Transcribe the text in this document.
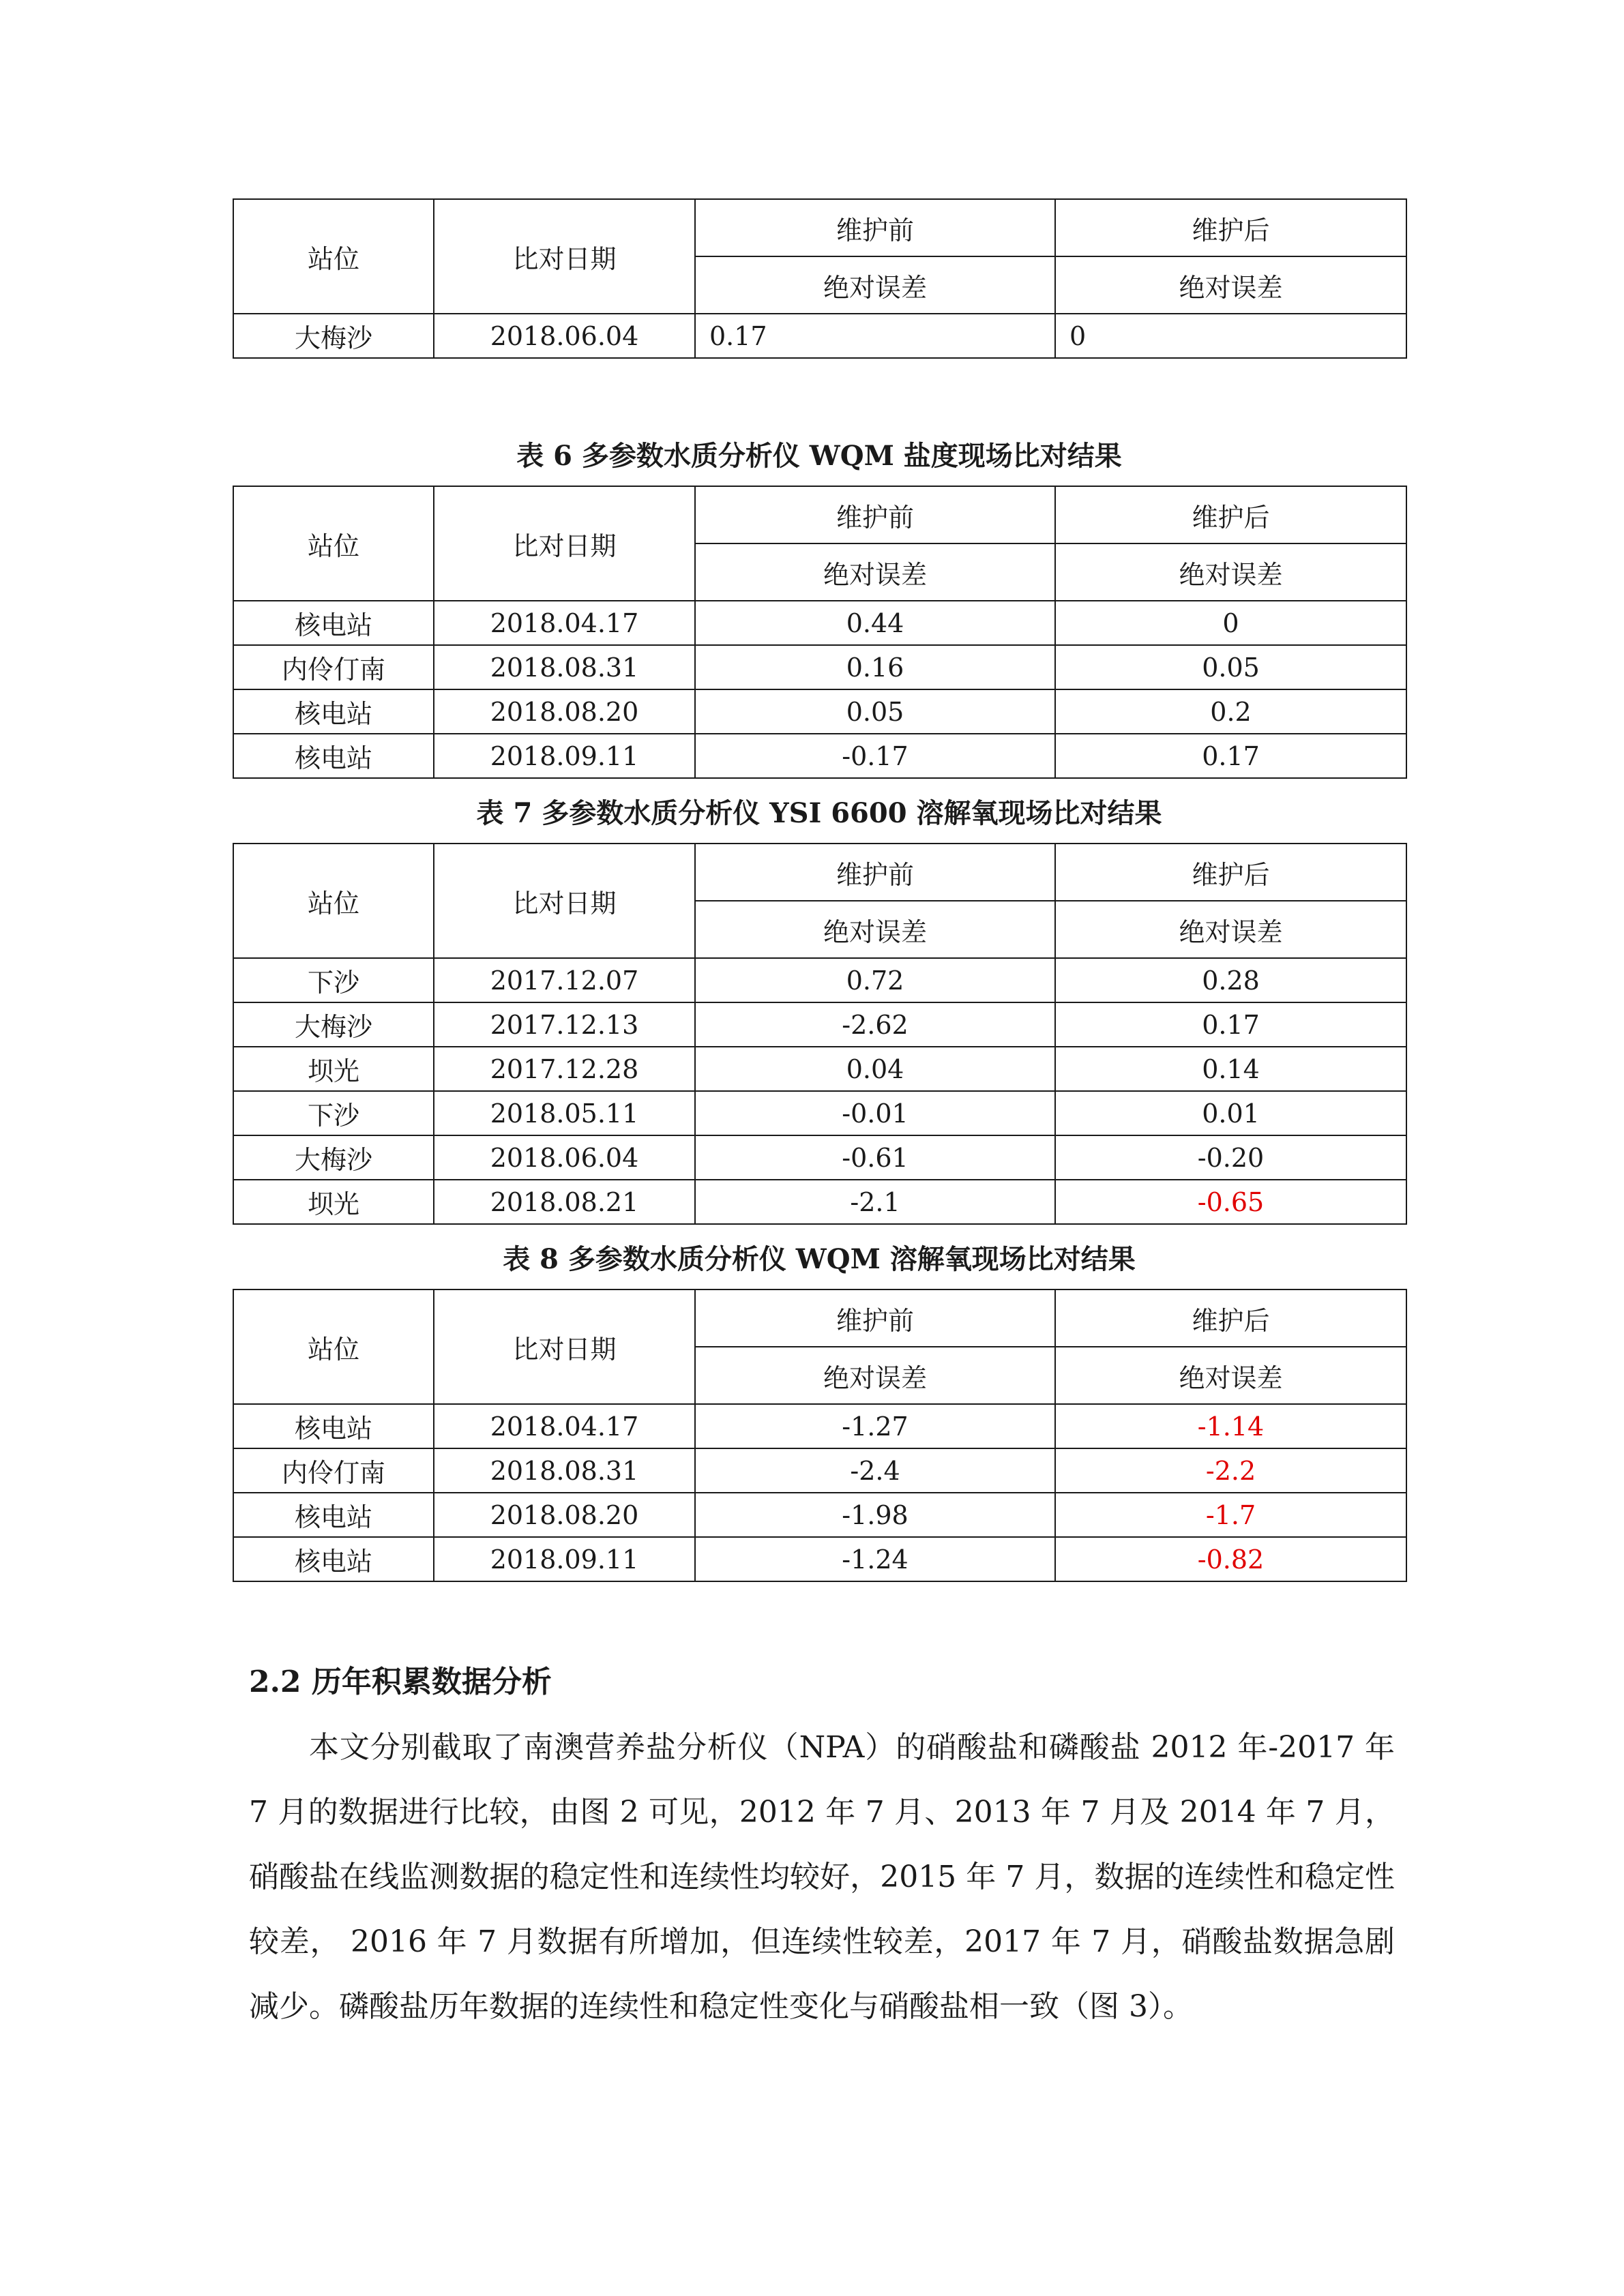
站位	比对日期	维护前	维护后
		绝对误差	绝对误差
大梅沙	2018.06.04	0.17	0
表 6 多参数水质分析仪 WQM 盐度现场比对结果
站位	比对日期	维护前	维护后
		绝对误差	绝对误差
核电站	2018.04.17	0.44	0
内伶仃南	2018.08.31	0.16	0.05
核电站	2018.08.20	0.05	0.2
核电站	2018.09.11	-0.17	0.17
表 7 多参数水质分析仪 YSI 6600 溶解氧现场比对结果
站位	比对日期	维护前	维护后
		绝对误差	绝对误差
下沙	2017.12.07	0.72	0.28
大梅沙	2017.12.13	-2.62	0.17
坝光	2017.12.28	0.04	0.14
下沙	2018.05.11	-0.01	0.01
大梅沙	2018.06.04	-0.61	-0.20
坝光	2018.08.21	-2.1	-0.65
表 8 多参数水质分析仪 WQM 溶解氧现场比对结果
站位	比对日期	维护前	维护后
		绝对误差	绝对误差
核电站	2018.04.17	-1.27	-1.14
内伶仃南	2018.08.31	-2.4	-2.2
核电站	2018.08.20	-1.98	-1.7
核电站	2018.09.11	-1.24	-0.82
2.2 历年积累数据分析
本文分别截取了南澳营养盐分析仪（NPA）的硝酸盐和磷酸盐 2012 年-2017 年 7 月的数据进行比较，由图 2 可见，2012 年 7 月、2013 年 7 月及 2014 年 7 月，硝酸盐在线监测数据的稳定性和连续性均较好，2015 年 7 月，数据的连续性和稳定性较差， 2016 年 7 月数据有所增加，但连续性较差，2017 年 7 月，硝酸盐数据急剧减少。磷酸盐历年数据的连续性和稳定性变化与硝酸盐相一致（图 3）。
